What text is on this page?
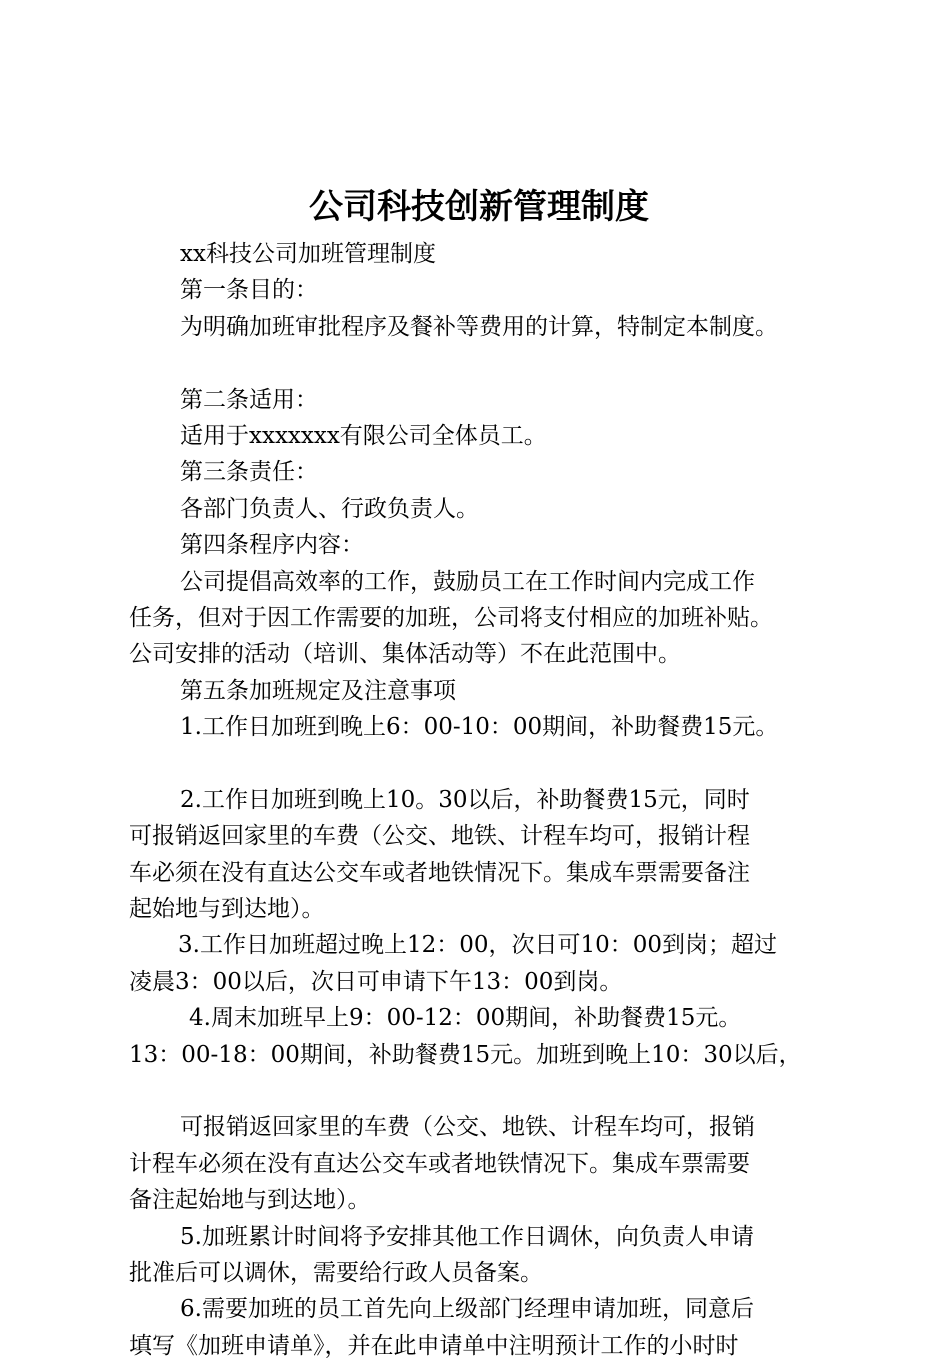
公司科技创新管理制度
xx科技公司加班管理制度
第一条目的：
为明确加班审批程序及餐补等费用的计算，特制定本制度。
第二条适用：
适用于xxxxxxx有限公司全体员工。
第三条责任：
各部门负责人、行政负责人。
第四条程序内容：
公司提倡高效率的工作，鼓励员工在工作时间内完成工作
任务，但对于因工作需要的加班，公司将支付相应的加班补贴。
公司安排的活动（培训、集体活动等）不在此范围中。
第五条加班规定及注意事项
1.工作日加班到晚上6：00-10：00期间，补助餐费15元。
2.工作日加班到晚上10。30以后，补助餐费15元，同时
可报销返回家里的车费（公交、地铁、计程车均可，报销计程
车必须在没有直达公交车或者地铁情况下。集成车票需要备注
起始地与到达地）。
3.工作日加班超过晚上12：00，次日可10：00到岗；超过
凌晨3：00以后，次日可申请下午13：00到岗。
4.周末加班早上9：00-12：00期间，补助餐费15元。
13：00-18：00期间，补助餐费15元。加班到晚上10：30以后，
可报销返回家里的车费（公交、地铁、计程车均可，报销
计程车必须在没有直达公交车或者地铁情况下。集成车票需要
备注起始地与到达地）。
5.加班累计时间将予安排其他工作日调休，向负责人申请
批准后可以调休，需要给行政人员备案。
6.需要加班的员工首先向上级部门经理申请加班，同意后
填写《加班申请单》，并在此申请单中注明预计工作的小时时
